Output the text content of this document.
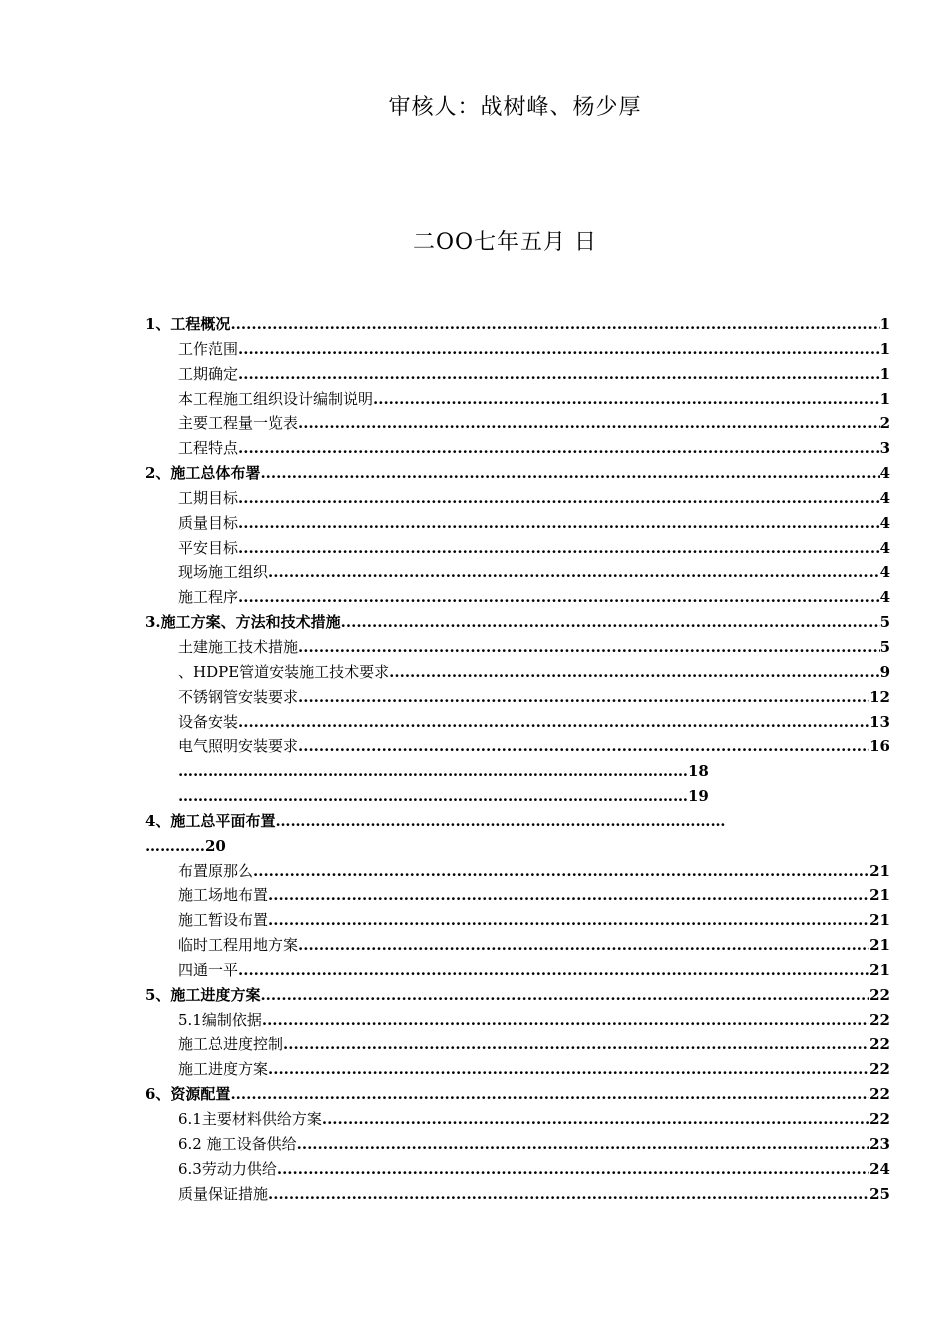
审核人：战树峰、杨少厚
二OO七年五月 日
1、工程概况 .....	1
工作范围 .....	1
工期确定 .....	1
本工程施工组织设计编制说明 .....	1
主要工程量一览表 .....	2
工程特点 .....	3
2、施工总体布署 .....	4
工期目标 .....	4
质量目标 .....	4
平安目标 .....	4
现场施工组织 .....	4
施工程序 .....	4
3.施工方案、方法和技术措施 .....	5
土建施工技术措施 .....	5
、HDPE管道安装施工技术要求 .....	9
不锈钢管安装要求 .....	12
设备安装 .....	13
电气照明安装要求 .....	16
…………………………………………………………………………………………18
…………………………………………………………………………………………19
4、施工总平面布置………………………………………………………………………………
…………20
布置原那么 .....	21
施工场地布置 .....	21
施工暂设布置 .....	21
临时工程用地方案 .....	21
四通一平 .....	21
5、施工进度方案 .....	22
5.1编制依据 .....	22
施工总进度控制 .....	22
施工进度方案 .....	22
6、资源配置 .....	22
6.1主要材料供给方案 .....	22
6.2 施工设备供给 .....	23
6.3劳动力供给 .....	24
质量保证措施 .....	25
